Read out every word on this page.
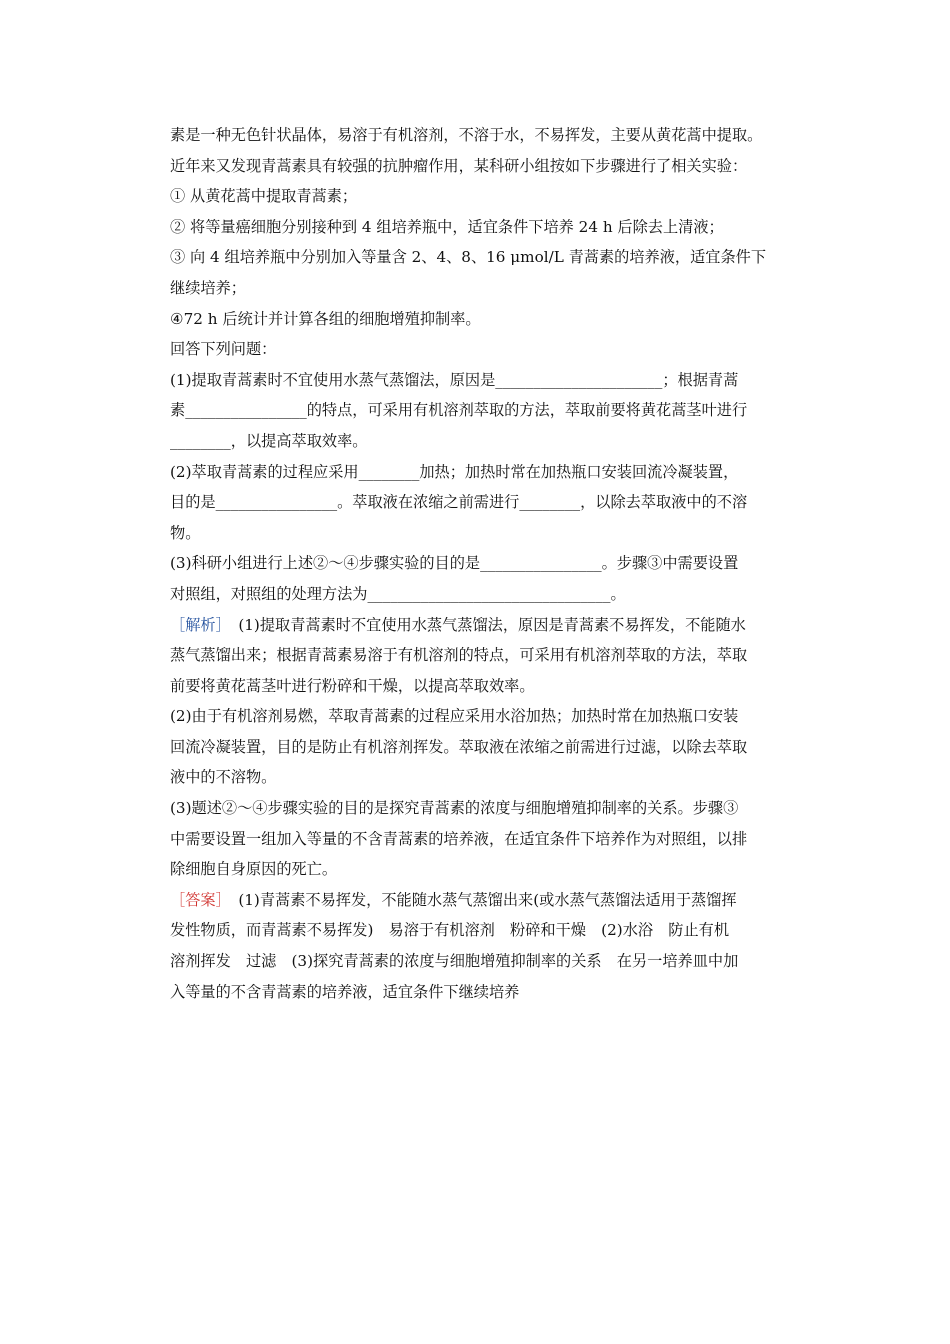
素是一种无色针状晶体，易溶于有机溶剂，不溶于水，不易挥发，主要从黄花蒿中提取。
近年来又发现青蒿素具有较强的抗肿瘤作用，某科研小组按如下步骤进行了相关实验：
① 从黄花蒿中提取青蒿素；
② 将等量癌细胞分别接种到 4 组培养瓶中，适宜条件下培养 24 h 后除去上清液；
③ 向 4 组培养瓶中分别加入等量含 2、4、8、16 μmol/L 青蒿素的培养液，适宜条件下
继续培养；
④72 h 后统计并计算各组的细胞增殖抑制率。
回答下列问题：
(1)提取青蒿素时不宜使用水蒸气蒸馏法，原因是______________________；根据青蒿
素________________的特点，可采用有机溶剂萃取的方法，萃取前要将黄花蒿茎叶进行
________，以提高萃取效率。
(2)萃取青蒿素的过程应采用________加热；加热时常在加热瓶口安装回流冷凝装置，
目的是________________。萃取液在浓缩之前需进行________，以除去萃取液中的不溶
物。
(3)科研小组进行上述②～④步骤实验的目的是________________。步骤③中需要设置
对照组，对照组的处理方法为________________________________。
［解析］　(1)提取青蒿素时不宜使用水蒸气蒸馏法，原因是青蒿素不易挥发，不能随水
蒸气蒸馏出来；根据青蒿素易溶于有机溶剂的特点，可采用有机溶剂萃取的方法，萃取
前要将黄花蒿茎叶进行粉碎和干燥，以提高萃取效率。
(2)由于有机溶剂易燃，萃取青蒿素的过程应采用水浴加热；加热时常在加热瓶口安装
回流冷凝装置，目的是防止有机溶剂挥发。萃取液在浓缩之前需进行过滤，以除去萃取
液中的不溶物。
(3)题述②～④步骤实验的目的是探究青蒿素的浓度与细胞增殖抑制率的关系。步骤③
中需要设置一组加入等量的不含青蒿素的培养液，在适宜条件下培养作为对照组，以排
除细胞自身原因的死亡。
［答案］　(1)青蒿素不易挥发，不能随水蒸气蒸馏出来(或水蒸气蒸馏法适用于蒸馏挥
发性物质，而青蒿素不易挥发)　易溶于有机溶剂　粉碎和干燥　(2)水浴　防止有机
溶剂挥发　过滤　(3)探究青蒿素的浓度与细胞增殖抑制率的关系　在另一培养皿中加
入等量的不含青蒿素的培养液，适宜条件下继续培养
